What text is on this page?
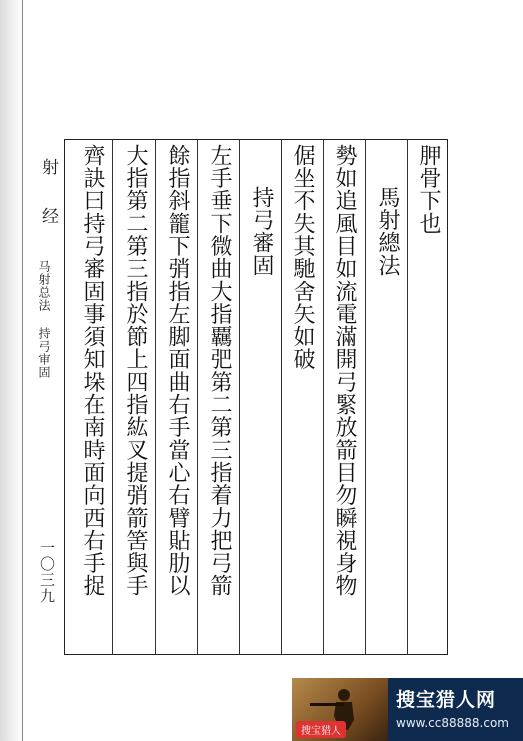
胛骨下也
馬射總法
勢如追風目如流電滿開弓緊放箭目勿瞬視身物
倨坐不失其馳舍矢如破
持弓審固
左手垂下微曲大指覊弝第二第三指着力把弓箭
餘指斜籠下弰指左脚面曲右手當心右臂貼肋以
大指第二第三指於節上四指紘叉提弰箭筈與手
齊訣曰持弓審固事須知垛在南時面向西右手捉
射 经
马射总法 持弓审固
一〇三九
搜宝猎人
搜宝猎人网
www.cc88888.com
